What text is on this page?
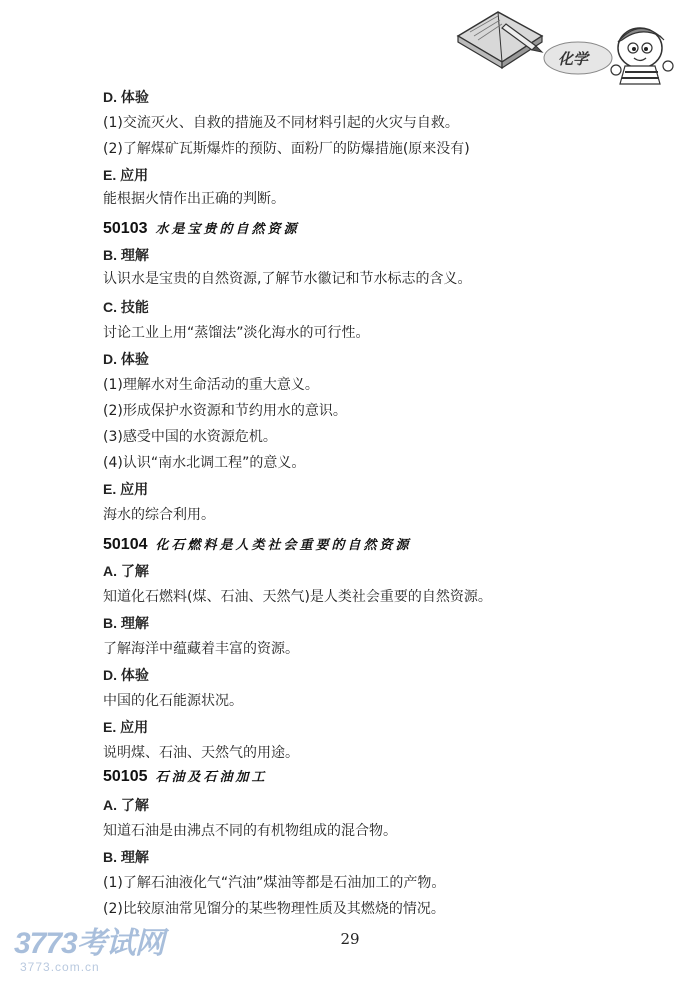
化学
D. 体验
(1)交流灭火、自救的措施及不同材料引起的火灾与自救。
(2)了解煤矿瓦斯爆炸的预防、面粉厂的防爆措施(原来没有)
E. 应用
能根据火情作出正确的判断。
50103 水是宝贵的自然资源
B. 理解
认识水是宝贵的自然资源,了解节水徽记和节水标志的含义。
C. 技能
讨论工业上用“蒸馏法”淡化海水的可行性。
D. 体验
(1)理解水对生命活动的重大意义。
(2)形成保护水资源和节约用水的意识。
(3)感受中国的水资源危机。
(4)认识“南水北调工程”的意义。
E. 应用
海水的综合利用。
50104 化石燃料是人类社会重要的自然资源
A. 了解
知道化石燃料(煤、石油、天然气)是人类社会重要的自然资源。
B. 理解
了解海洋中蕴藏着丰富的资源。
D. 体验
中国的化石能源状况。
E. 应用
说明煤、石油、天然气的用途。
50105 石油及石油加工
A. 了解
知道石油是由沸点不同的有机物组成的混合物。
B. 理解
(1)了解石油液化气“汽油”煤油等都是石油加工的产物。
(2)比较原油常见馏分的某些物理性质及其燃烧的情况。
29
3773考试网
3773.com.cn
